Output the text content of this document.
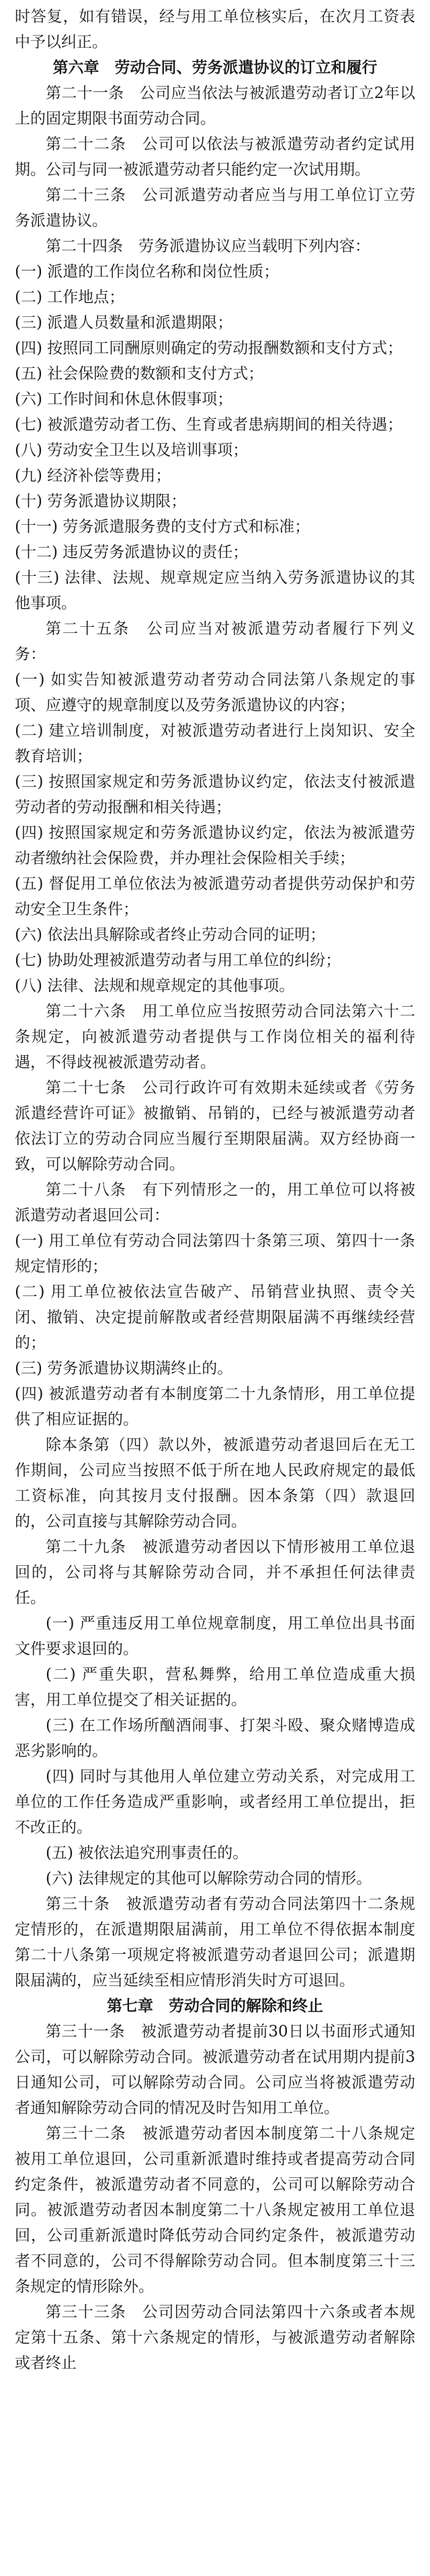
时答复，如有错误，经与用工单位核实后，在次月工资表中予以纠正。

第六章　劳动合同、劳务派遣协议的订立和履行

第二十一条　公司应当依法与被派遣劳动者订立2年以上的固定期限书面劳动合同。

第二十二条　公司可以依法与被派遣劳动者约定试用期。公司与同一被派遣劳动者只能约定一次试用期。

第二十三条　公司派遣劳动者应当与用工单位订立劳务派遣协议。

第二十四条　劳务派遣协议应当载明下列内容：

(一) 派遣的工作岗位名称和岗位性质；

(二) 工作地点；

(三) 派遣人员数量和派遣期限；

(四) 按照同工同酬原则确定的劳动报酬数额和支付方式；

(五) 社会保险费的数额和支付方式；

(六) 工作时间和休息休假事项；

(七) 被派遣劳动者工伤、生育或者患病期间的相关待遇；

(八) 劳动安全卫生以及培训事项；

(九) 经济补偿等费用；

(十) 劳务派遣协议期限；

(十一) 劳务派遣服务费的支付方式和标准；

(十二) 违反劳务派遣协议的责任；

(十三) 法律、法规、规章规定应当纳入劳务派遣协议的其他事项。

第二十五条　公司应当对被派遣劳动者履行下列义务：

(一) 如实告知被派遣劳动者劳动合同法第八条规定的事项、应遵守的规章制度以及劳务派遣协议的内容；

(二) 建立培训制度，对被派遣劳动者进行上岗知识、安全教育培训；

(三) 按照国家规定和劳务派遣协议约定，依法支付被派遣劳动者的劳动报酬和相关待遇；

(四) 按照国家规定和劳务派遣协议约定，依法为被派遣劳动者缴纳社会保险费，并办理社会保险相关手续；

(五) 督促用工单位依法为被派遣劳动者提供劳动保护和劳动安全卫生条件；

(六) 依法出具解除或者终止劳动合同的证明；

(七) 协助处理被派遣劳动者与用工单位的纠纷；

(八) 法律、法规和规章规定的其他事项。

第二十六条　用工单位应当按照劳动合同法第六十二条规定，向被派遣劳动者提供与工作岗位相关的福利待遇，不得歧视被派遣劳动者。

第二十七条　公司行政许可有效期未延续或者《劳务派遣经营许可证》被撤销、吊销的，已经与被派遣劳动者依法订立的劳动合同应当履行至期限届满。双方经协商一致，可以解除劳动合同。

第二十八条　有下列情形之一的，用工单位可以将被派遣劳动者退回公司：

(一) 用工单位有劳动合同法第四十条第三项、第四十一条规定情形的；

(二) 用工单位被依法宣告破产、吊销营业执照、责令关闭、撤销、决定提前解散或者经营期限届满不再继续经营的；

(三) 劳务派遣协议期满终止的。

(四) 被派遣劳动者有本制度第二十九条情形，用工单位提供了相应证据的。

除本条第（四）款以外，被派遣劳动者退回后在无工作期间，公司应当按照不低于所在地人民政府规定的最低工资标准，向其按月支付报酬。因本条第（四）款退回的，公司直接与其解除劳动合同。

第二十九条　被派遣劳动者因以下情形被用工单位退回的，公司将与其解除劳动合同，并不承担任何法律责任。

(一) 严重违反用工单位规章制度，用工单位出具书面文件要求退回的。

(二) 严重失职，营私舞弊，给用工单位造成重大损害，用工单位提交了相关证据的。

(三) 在工作场所酗酒闹事、打架斗殴、聚众赌博造成恶劣影响的。

(四) 同时与其他用人单位建立劳动关系，对完成用工单位的工作任务造成严重影响，或者经用工单位提出，拒不改正的。

(五) 被依法追究刑事责任的。

(六) 法律规定的其他可以解除劳动合同的情形。

第三十条　被派遣劳动者有劳动合同法第四十二条规定情形的，在派遣期限届满前，用工单位不得依据本制度第二十八条第一项规定将被派遣劳动者退回公司；派遣期限届满的，应当延续至相应情形消失时方可退回。

第七章　劳动合同的解除和终止

第三十一条　被派遣劳动者提前30日以书面形式通知公司，可以解除劳动合同。被派遣劳动者在试用期内提前3日通知公司，可以解除劳动合同。公司应当将被派遣劳动者通知解除劳动合同的情况及时告知用工单位。

第三十二条　被派遣劳动者因本制度第二十八条规定被用工单位退回，公司重新派遣时维持或者提高劳动合同约定条件，被派遣劳动者不同意的，公司可以解除劳动合同。被派遣劳动者因本制度第二十八条规定被用工单位退回，公司重新派遣时降低劳动合同约定条件，被派遣劳动者不同意的，公司不得解除劳动合同。但本制度第三十三条规定的情形除外。

第三十三条　公司因劳动合同法第四十六条或者本规定第十五条、第十六条规定的情形，与被派遣劳动者解除或者终止
